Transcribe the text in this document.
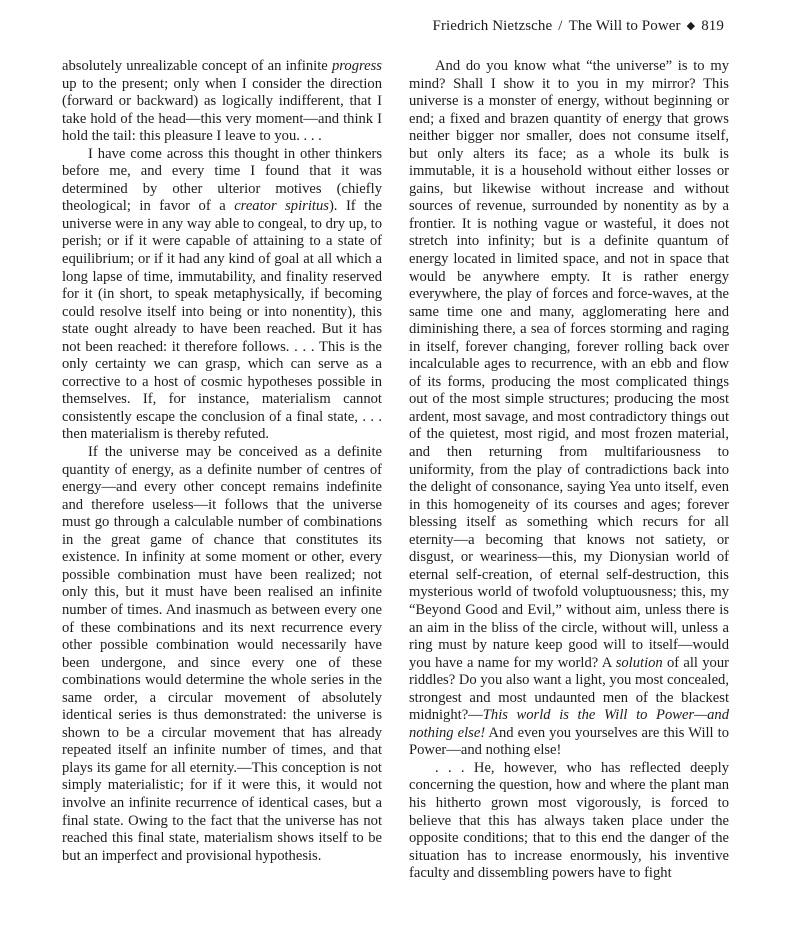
Friedrich Nietzsche / The Will to Power ◆ 819

absolutely unrealizable concept of an infinite progress up to the present; only when I consider the direction (forward or backward) as logically indifferent, that I take hold of the head—this very moment—and think I hold the tail: this pleasure I leave to you. . . .

I have come across this thought in other thinkers before me, and every time I found that it was determined by other ulterior motives (chiefly theological; in favor of a creator spiritus). If the universe were in any way able to congeal, to dry up, to perish; or if it were capable of attaining to a state of equilibrium; or if it had any kind of goal at all which a long lapse of time, immutability, and finality reserved for it (in short, to speak metaphysically, if becoming could resolve itself into being or into nonentity), this state ought already to have been reached. But it has not been reached: it therefore follows. . . . This is the only certainty we can grasp, which can serve as a corrective to a host of cosmic hypotheses possible in themselves. If, for instance, materialism cannot consistently escape the conclusion of a final state, . . . then materialism is thereby refuted.

If the universe may be conceived as a definite quantity of energy, as a definite number of centres of energy—and every other concept remains indefinite and therefore useless—it follows that the universe must go through a calculable number of combinations in the great game of chance that constitutes its existence. In infinity at some moment or other, every possible combination must have been realized; not only this, but it must have been realised an infinite number of times. And inasmuch as between every one of these combinations and its next recurrence every other possible combination would necessarily have been undergone, and since every one of these combinations would determine the whole series in the same order, a circular movement of absolutely identical series is thus demonstrated: the universe is shown to be a circular movement that has already repeated itself an infinite number of times, and that plays its game for all eternity.—This conception is not simply materialistic; for if it were this, it would not involve an infinite recurrence of identical cases, but a final state. Owing to the fact that the universe has not reached this final state, materialism shows itself to be but an imperfect and provisional hypothesis.

And do you know what “the universe” is to my mind? Shall I show it to you in my mirror? This universe is a monster of energy, without beginning or end; a fixed and brazen quantity of energy that grows neither bigger nor smaller, does not consume itself, but only alters its face; as a whole its bulk is immutable, it is a household without either losses or gains, but likewise without increase and without sources of revenue, surrounded by nonentity as by a frontier. It is nothing vague or wasteful, it does not stretch into infinity; but is a definite quantum of energy located in limited space, and not in space that would be anywhere empty. It is rather energy everywhere, the play of forces and force-waves, at the same time one and many, agglomerating here and diminishing there, a sea of forces storming and raging in itself, forever changing, forever rolling back over incalculable ages to recurrence, with an ebb and flow of its forms, producing the most complicated things out of the most simple structures; producing the most ardent, most savage, and most contradictory things out of the quietest, most rigid, and most frozen material, and then returning from multifariousness to uniformity, from the play of contradictions back into the delight of consonance, saying Yea unto itself, even in this homogeneity of its courses and ages; forever blessing itself as something which recurs for all eternity—a becoming that knows not satiety, or disgust, or weariness—this, my Dionysian world of eternal self-creation, of eternal self-destruction, this mysterious world of twofold voluptuousness; this, my “Beyond Good and Evil,” without aim, unless there is an aim in the bliss of the circle, without will, unless a ring must by nature keep good will to itself—would you have a name for my world? A solution of all your riddles? Do you also want a light, you most concealed, strongest and most undaunted men of the blackest midnight?—This world is the Will to Power—and nothing else! And even you yourselves are this Will to Power—and nothing else!

. . . He, however, who has reflected deeply concerning the question, how and where the plant man his hitherto grown most vigorously, is forced to believe that this has always taken place under the opposite conditions; that to this end the danger of the situation has to increase enormously, his inventive faculty and dissembling powers have to fight
